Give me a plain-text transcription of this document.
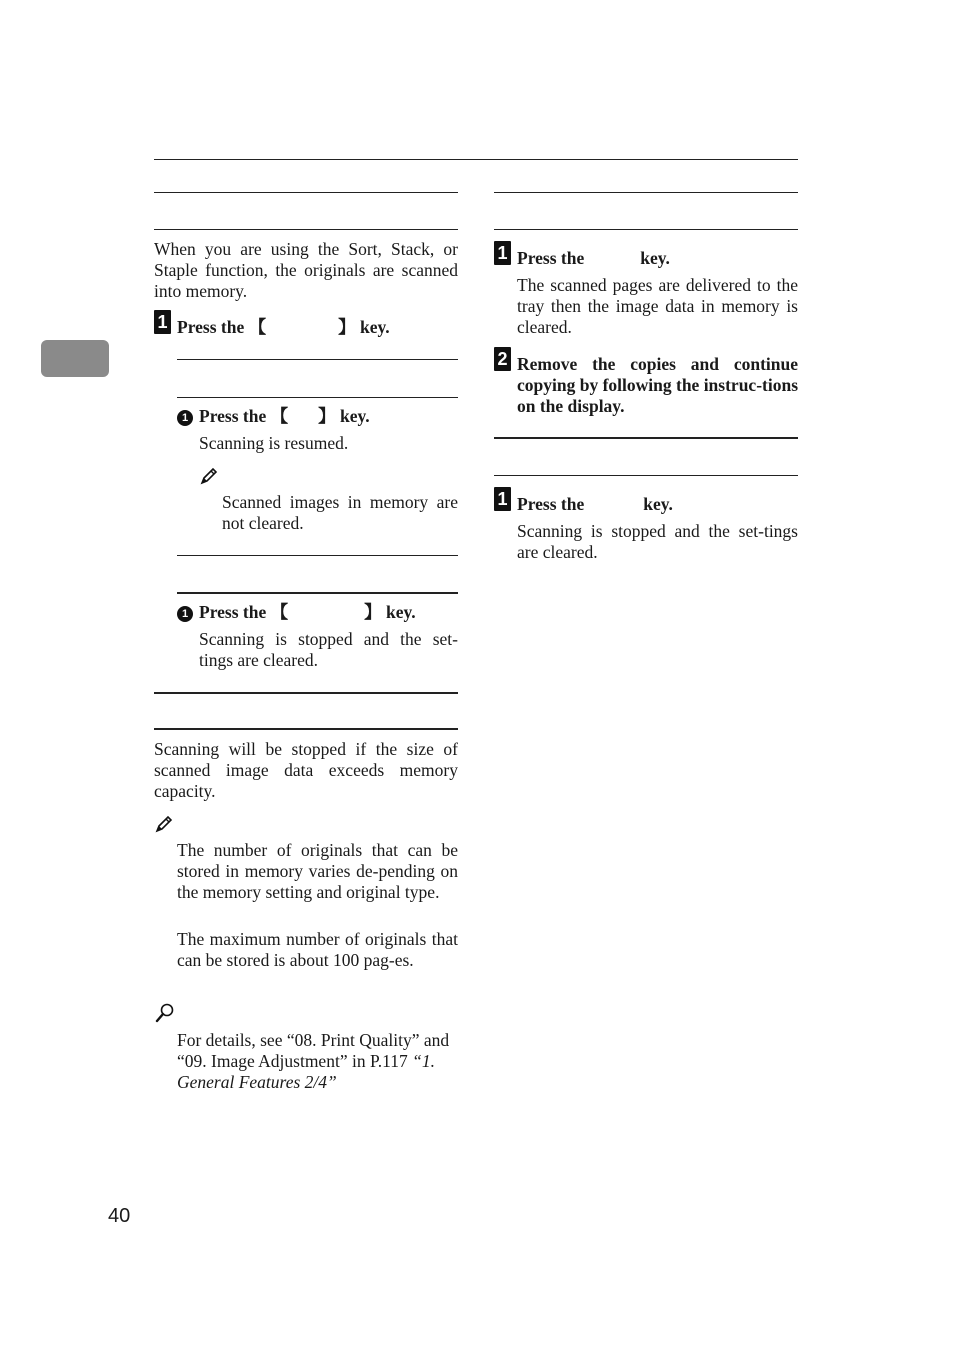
When you are using the Sort, Stack, or Staple function, the originals are scanned into memory.
1 Press the 【	】 key.
1 Press the 【 】 key.
Scanning is resumed.
Scanned images in memory are not cleared.
1 Press the 【	】 key.
Scanning is stopped and the set-tings are cleared.
Scanning will be stopped if the size of scanned image data exceeds memory capacity.
The number of originals that can be stored in memory varies de-pending on the memory setting and original type.
The maximum number of originals that can be stored is about 100 pag-es.
For details, see “08. Print Quality” and “09. Image Adjustment” in P.117 “1. General Features 2/4”
1 Press the	key.
The scanned pages are delivered to the tray then the image data in memory is cleared.
2 Remove the copies and continue copying by following the instruc-tions on the display.
1 Press the	key.
Scanning is stopped and the set-tings are cleared.
40
